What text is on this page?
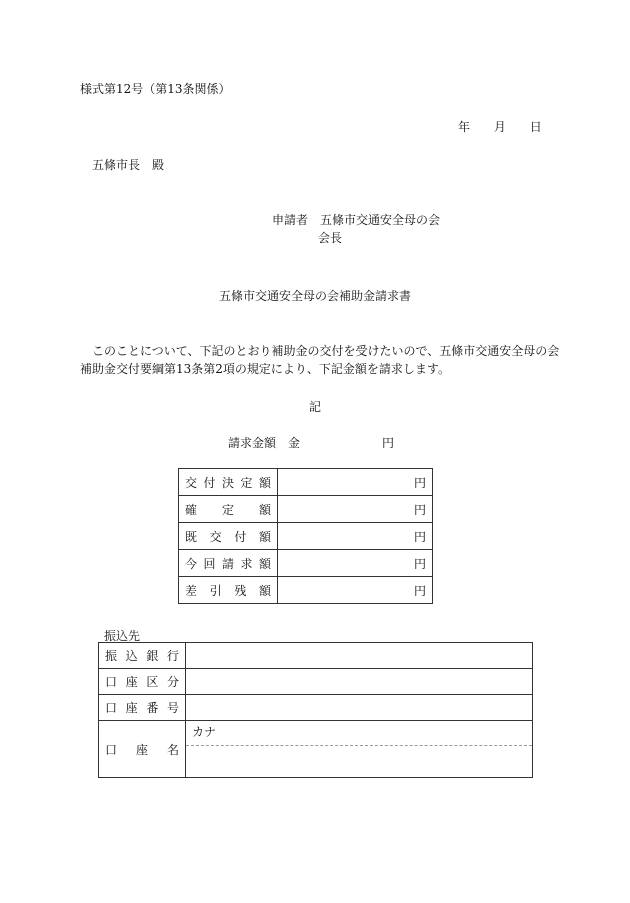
様式第12号（第13条関係）
年 月 日
五條市長　殿
申請者　 五條市交通安全母の会
会長
五條市交通安全母の会補助金請求書
このことについて、下記のとおり補助金の交付を受けたいので、五條市交通安全母の会補助金交付要綱第13条第2項の規定により、下記金額を請求します。
記
請求金額 金	円
交 付 決 定 額	円

確 定 額	円

既 交 付 額	円

今 回 請 求 額	円

差 引 残 額	円
振込先
振 込 銀 行	

口 座 区 分	

口 座 番 号	

口 座 名	カナ
